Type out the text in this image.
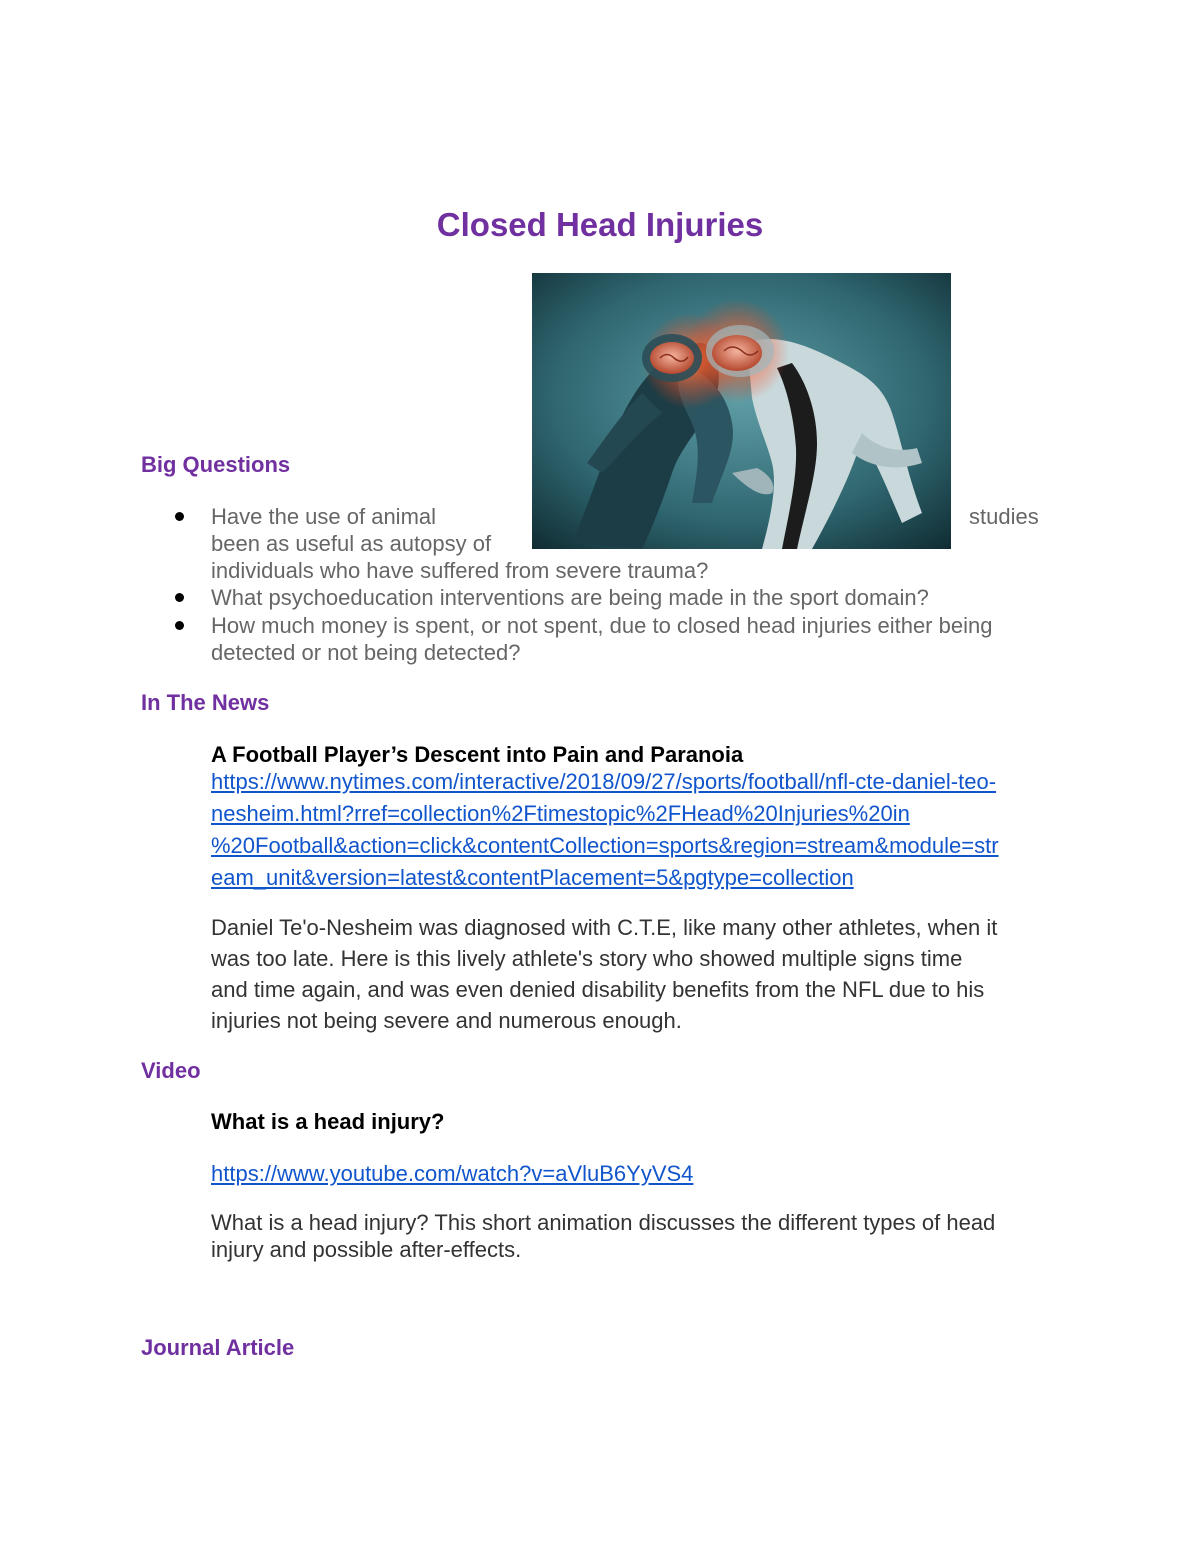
Closed Head Injuries
Big Questions
Have the use of animal	studies
been as useful as autopsy of
individuals who have suffered from severe trauma?
What psychoeducation interventions are being made in the sport domain?
How much money is spent, or not spent, due to closed head injuries either being
detected or not being detected?
In The News
A Football Player’s Descent into Pain and Paranoia
https://www.nytimes.com/interactive/2018/09/27/sports/football/nfl-cte-daniel-teo-
nesheim.html?rref=collection%2Ftimestopic%2FHead%20Injuries%20in
%20Football&action=click&contentCollection=sports&region=stream&module=str
eam_unit&version=latest&contentPlacement=5&pgtype=collection
Daniel Te'o-Nesheim was diagnosed with C.T.E, like many other athletes, when it
was too late. Here is this lively athlete's story who showed multiple signs time
and time again, and was even denied disability benefits from the NFL due to his
injuries not being severe and numerous enough.
Video
What is a head injury?
https://www.youtube.com/watch?v=aVluB6YyVS4
What is a head injury? This short animation discusses the different types of head
injury and possible after-effects.
Journal Article
